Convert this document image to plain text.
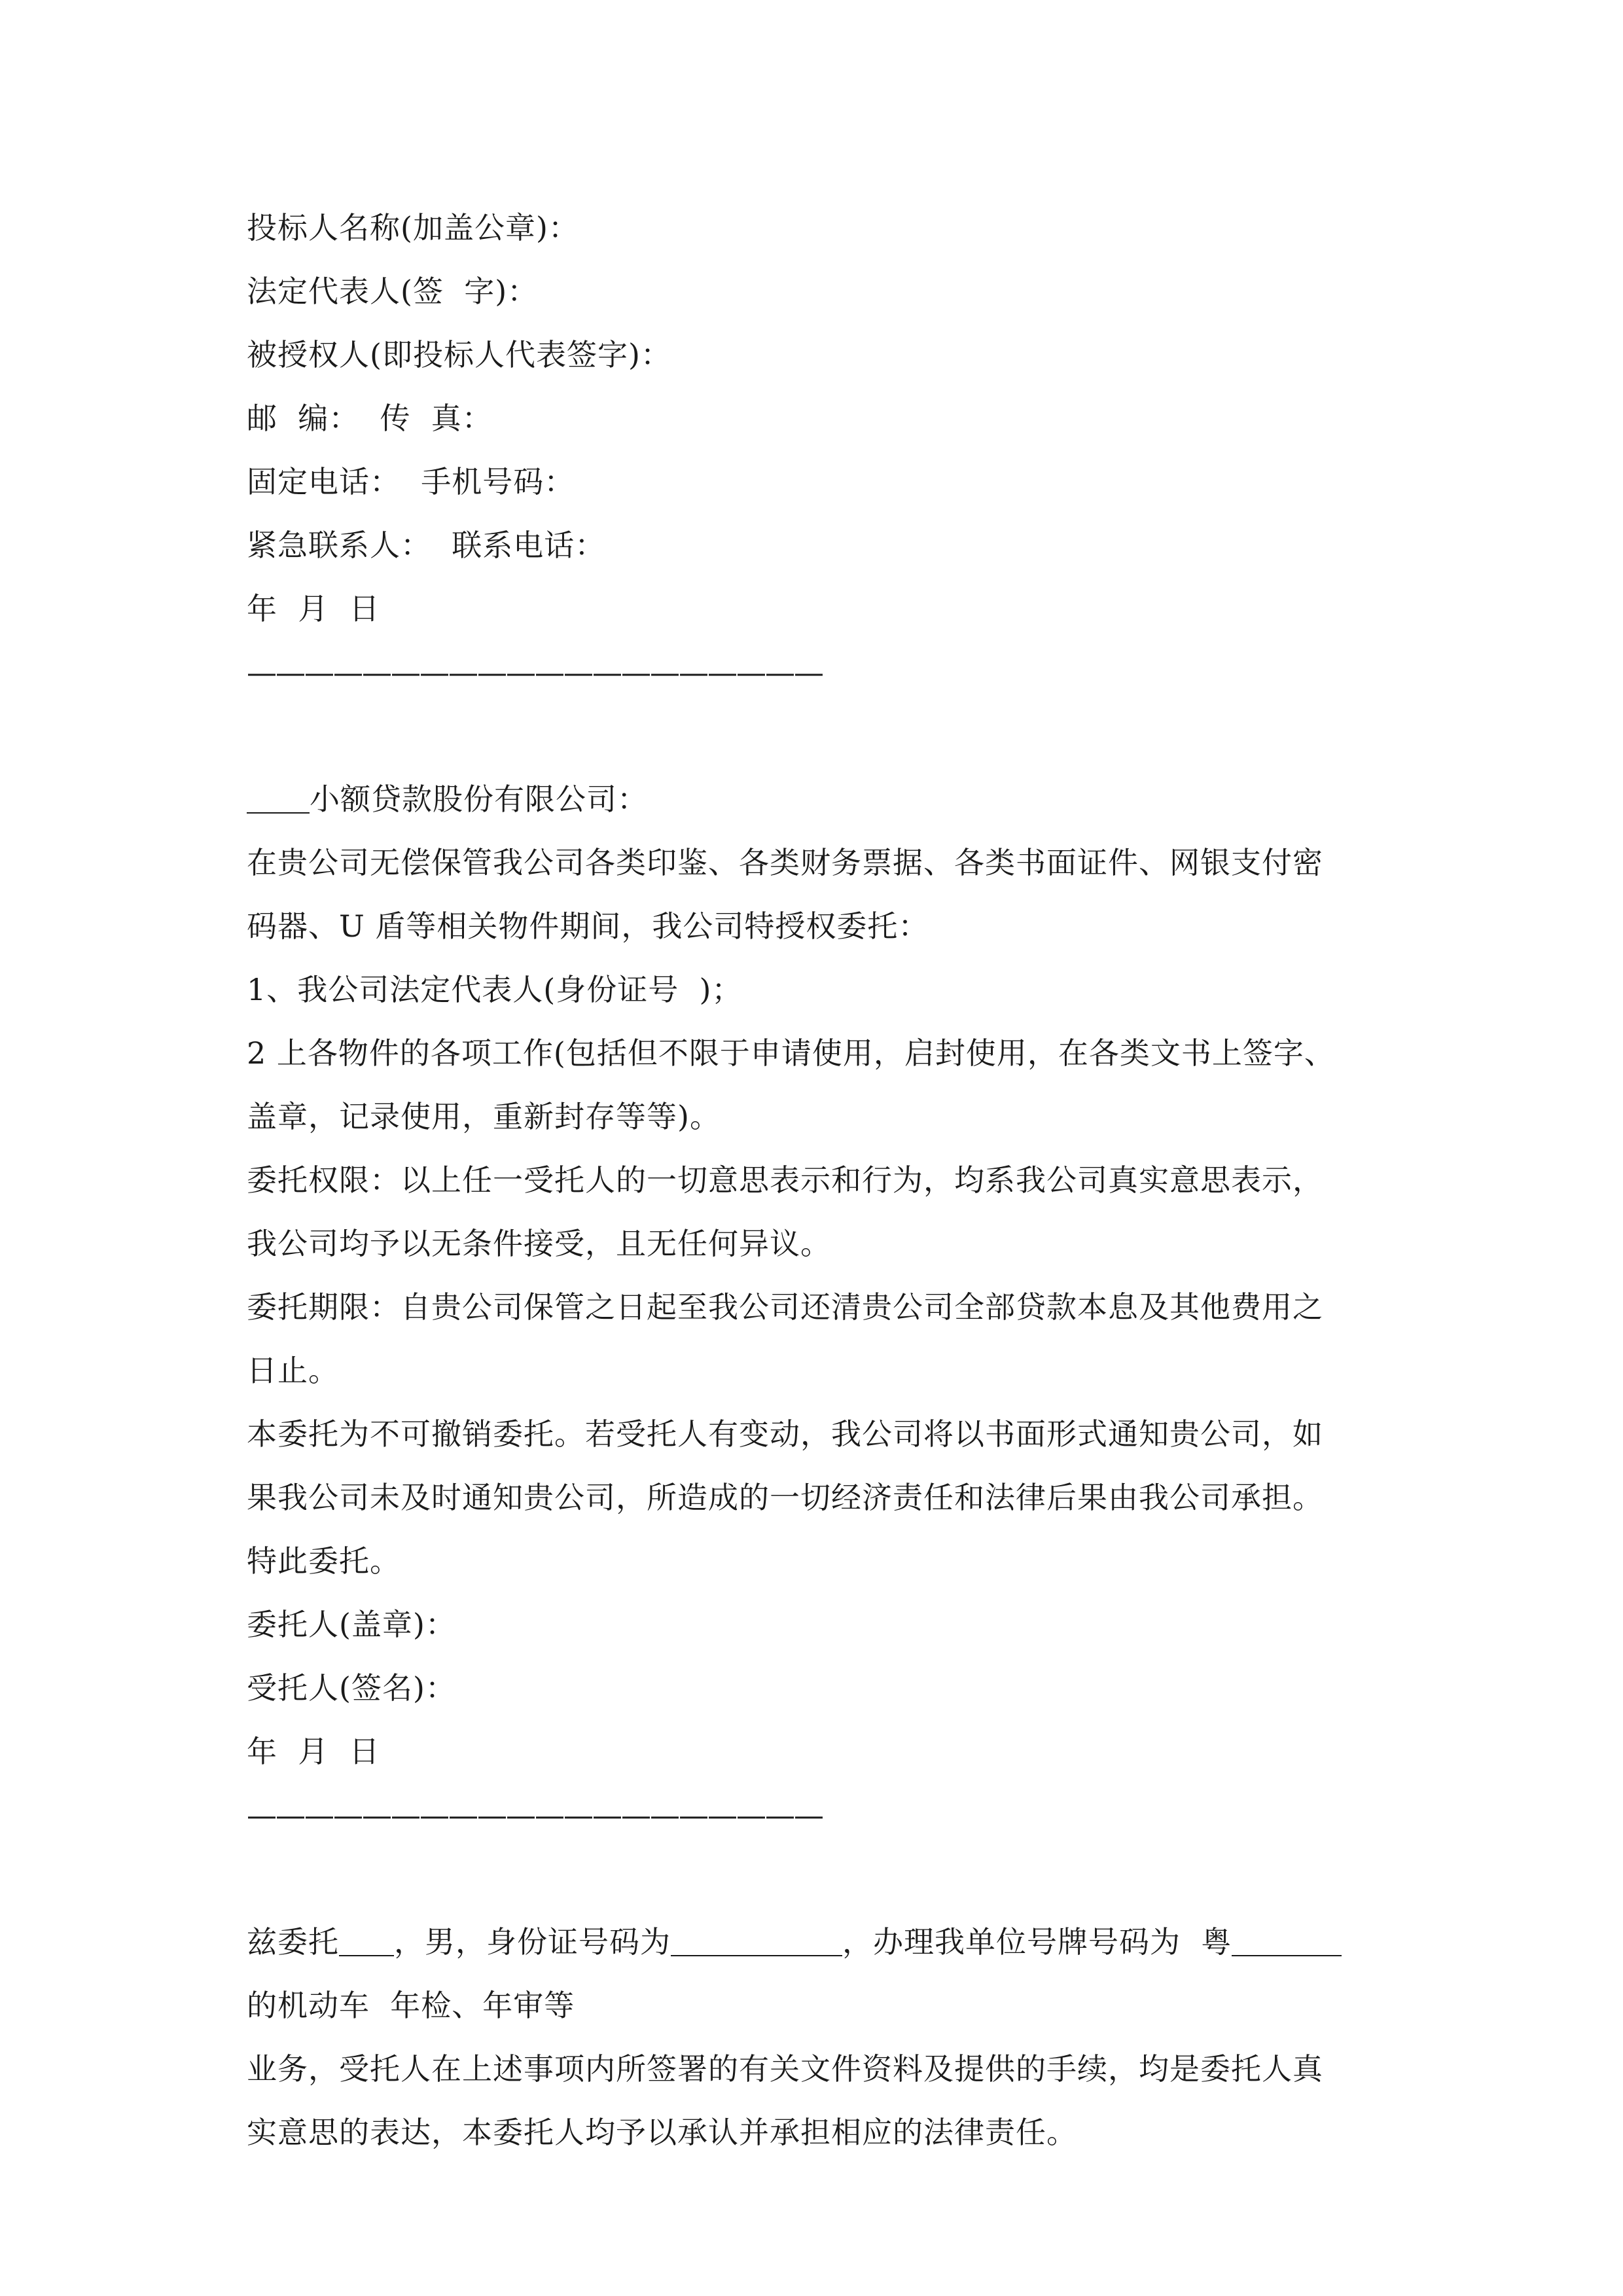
投标人名称(加盖公章)：
法定代表人(签  字)：
被授权人(即投标人代表签字)：
邮  编：  传  真：
固定电话：  手机号码：
紧急联系人：  联系电话：
年  月  日
————————————————————
小额贷款股份有限公司：
在贵公司无偿保管我公司各类印鉴、各类财务票据、各类书面证件、网银支付密
码器、U 盾等相关物件期间，我公司特授权委托：
1、我公司法定代表人(身份证号  )；
2 上各物件的各项工作(包括但不限于申请使用，启封使用，在各类文书上签字、
盖章，记录使用，重新封存等等)。
委托权限：以上任一受托人的一切意思表示和行为，均系我公司真实意思表示，
我公司均予以无条件接受，且无任何异议。
委托期限：自贵公司保管之日起至我公司还清贵公司全部贷款本息及其他费用之
日止。
本委托为不可撤销委托。若受托人有变动，我公司将以书面形式通知贵公司，如
果我公司未及时通知贵公司，所造成的一切经济责任和法律后果由我公司承担。
特此委托。
委托人(盖章)：
受托人(签名)：
年  月  日
————————————————————
兹委托 ，男，身份证号码为	，办理我单位号牌号码为  粤
的机动车  年检、年审等
业务，受托人在上述事项内所签署的有关文件资料及提供的手续，均是委托人真
实意思的表达，本委托人均予以承认并承担相应的法律责任。
